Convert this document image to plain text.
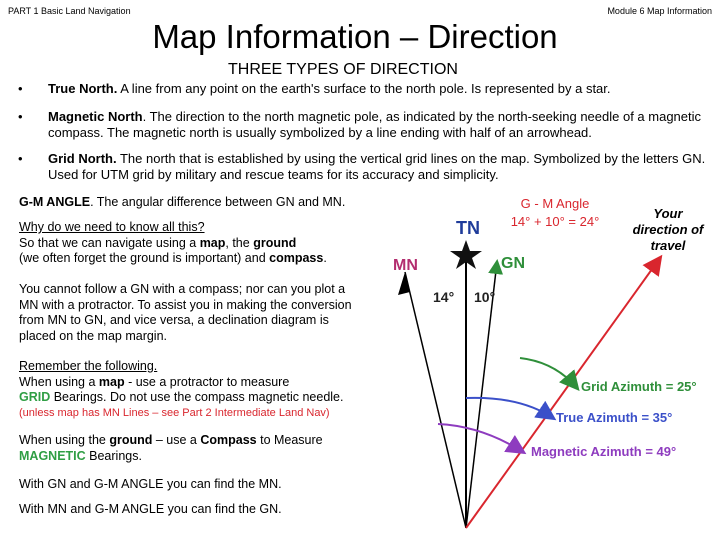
PART 1 Basic Land Navigation	Module 6 Map Information
Map Information – Direction
THREE TYPES OF DIRECTION
•	True North. A line from any point on the earth's surface to the north pole. Is represented by a star.
•	Magnetic North. The direction to the north magnetic pole, as indicated by the north-seeking needle of a magnetic compass. The magnetic north is usually symbolized by a line ending with half of an arrowhead.
•	Grid North. The north that is established by using the vertical grid lines on the map. Symbolized by the letters GN. Used for UTM grid by military and rescue teams for its accuracy and simplicity.
G-M ANGLE. The angular difference between GN and MN.
Why do we need to know all this?
So that we can navigate using a map, the ground
(we often forget the ground is important) and compass.
You cannot follow a GN with a compass; nor can you plot a MN with a protractor. To assist you in making the conversion from MN to GN, and vice versa, a declination diagram is placed on the map margin.
Remember the following.
When using a map - use a protractor to measure
GRID Bearings. Do not use the compass magnetic needle.
(unless map has MN Lines – see Part 2 Intermediate Land Nav)
When using the ground – use a Compass to Measure
MAGNETIC Bearings.
With GN and G-M ANGLE you can find the MN.
With MN and G-M ANGLE you can find the GN.
G - M Angle
14° + 10° = 24°
Your direction of travel
TN
MN	GN
14° 10°
Grid Azimuth = 25°
True Azimuth = 35°
Magnetic Azimuth = 49°
